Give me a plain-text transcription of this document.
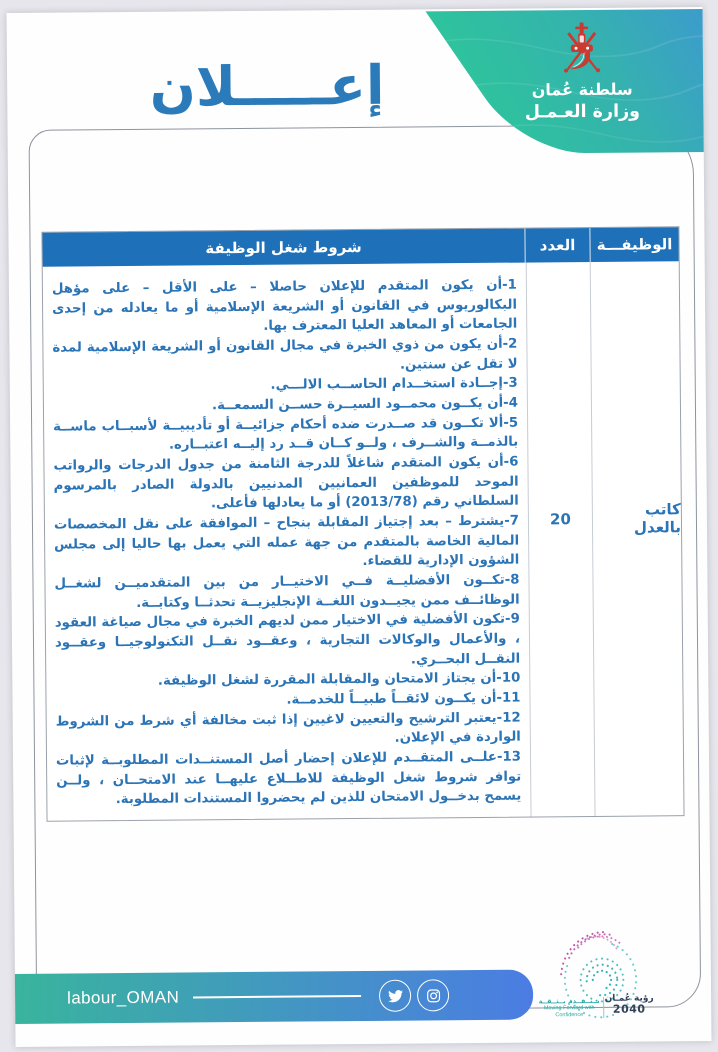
إعـــــلان	سلطنة عُمان
وزارة العـمـل
الوظيفـــة
العدد
شروط شغل الوظيفة
كاتب بالعدل
20
1-أن يكون المتقدم للإعلان حاصلا – على الأقل – على مؤهل البكالوريوس في القانون أو الشريعة الإسلامية أو ما يعادله من إحدى الجامعات أو المعاهد العليا المعترف بها.
2-أن يكون من ذوي الخبرة في مجال القانون أو الشريعة الإسلامية لمدة لا تقل عن سنتين.
3-إجــادة استخــدام الحاســب الالـــي.
4-أن يكــون محمــود السيــرة حســن السمعــة.
5-ألا تكــون قد صــدرت ضده أحكام جزائيــة أو تأديبيــة لأسبــاب ماســة بالذمــة والشــرف ، ولــو كــان قــد رد إليــه اعتبــاره.
6-أن يكون المتقدم شاغلاً للدرجة الثامنة من جدول الدرجات والرواتب الموحد للموظفين العمانيين المدنيين بالدولة الصادر بالمرسوم السلطاني رقم (2013/78) أو ما يعادلها فأعلى.
7-يشترط – بعد إجتياز المقابلة بنجاح – الموافقة على نقل المخصصات المالية الخاصة بالمتقدم من جهة عمله التي يعمل بها حاليا إلى مجلس الشؤون الإدارية للقضاء.
8-تكــون الأفضليــة فــي الاختيــار من بين المتقدميــن لشغــل الوظائــف ممن يجيــدون اللغــة الإنجليزيــة تحدثــا وكتابــة.
9-تكون الأفضلية في الاختيار ممن لديهم الخبرة في مجال صياغة العقود ، والأعمال والوكالات التجارية ، وعقــود نقــل التكنولوجيــا وعقــود النقــل البحــري.
10-أن يجتاز الامتحان والمقابلة المقررة لشغل الوظيفة.
11-أن يكــون لائقــاً طبيــاً للخدمــة.
12-يعتبر الترشيح والتعيين لاغيين إذا ثبت مخالفة أي شرط من الشروط الواردة في الإعلان.
13-علــى المتقــدم للإعلان إحضار أصل المستنــدات المطلوبــة لإثبات توافر شروط شغل الوظيفة للاطــلاع عليهــا عند الامتحــان ، ولــن يسمح بدخــول الامتحان للذين لم يحضروا المستندات المطلوبة.
labour_OMAN	نــتــقــدم بــثــقــة
Moving Forward with Confidence
رؤية عُمـان
2040
